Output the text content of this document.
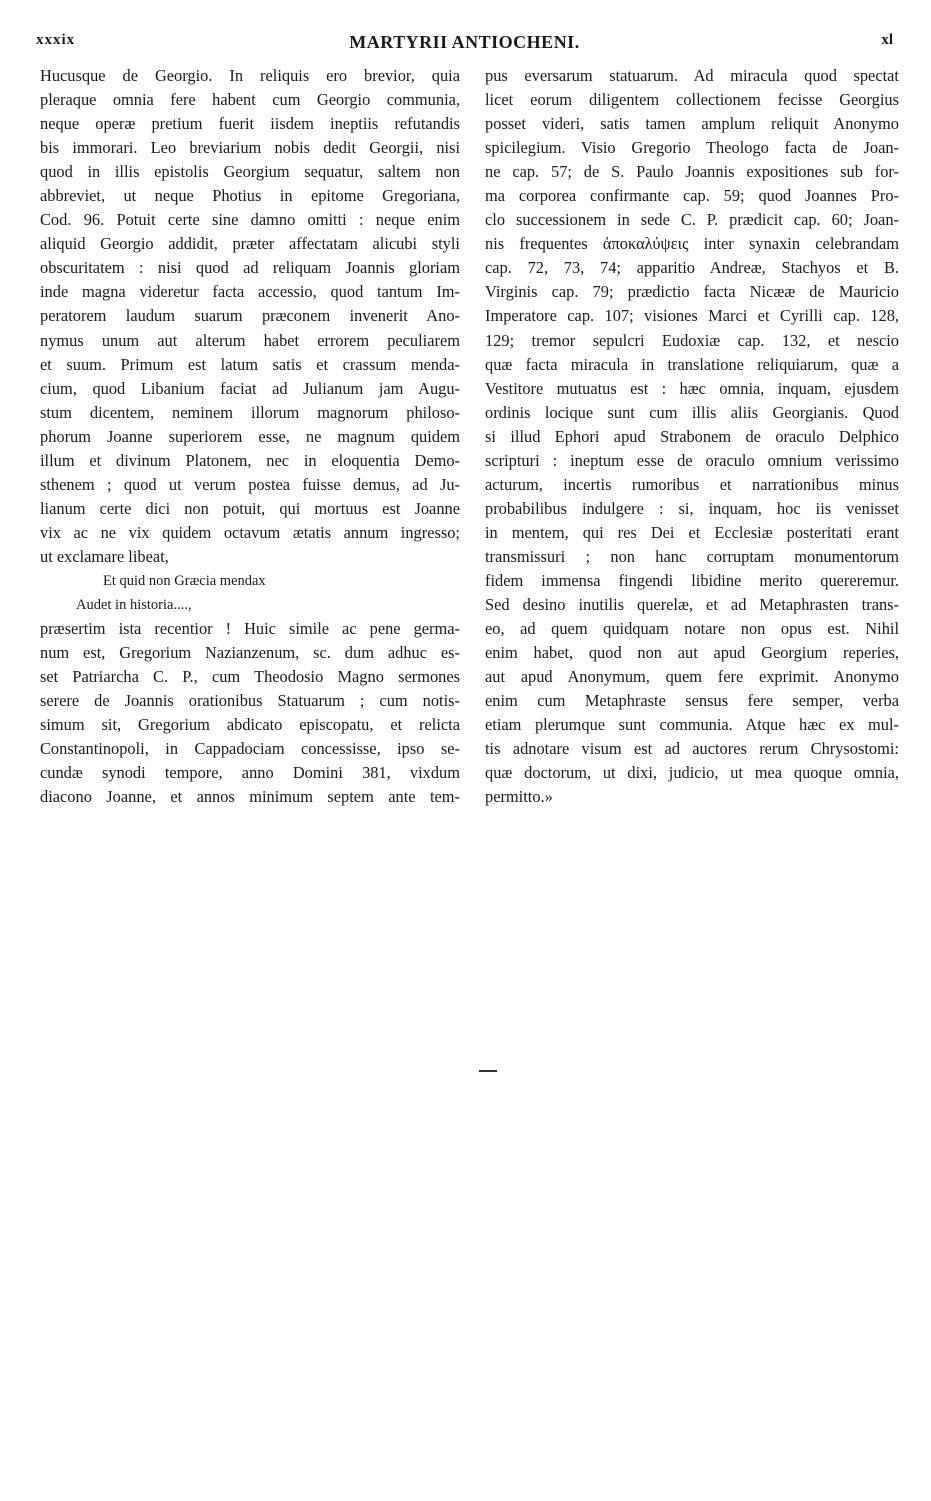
xxxix	MARTYRII ANTIOCHENI.	xl
Hucusque de Georgio. In reliquis ero brevior, quia
pleraque omnia fere habent cum Georgio communia,
neque operæ pretium fuerit iisdem ineptiis refutandis
bis immorari. Leo breviarium nobis dedit Georgii, nisi
quod in illis epistolis Georgium sequatur, saltem non
abbreviet, ut neque Photius in epitome Gregoriana,
Cod. 96. Potuit certe sine damno omitti : neque enim
aliquid Georgio addidit, præter affectatam alicubi styli
obscuritatem : nisi quod ad reliquam Joannis gloriam
inde magna videretur facta accessio, quod tantum Im-
peratorem laudum suarum præconem invenerit Ano-
nymus unum aut alterum habet errorem peculiarem
et suum. Primum est latum satis et crassum menda-
cium, quod Libanium faciat ad Julianum jam Augu-
stum dicentem, neminem illorum magnorum philoso-
phorum Joanne superiorem esse, ne magnum quidem
illum et divinum Platonem, nec in eloquentia Demo-
sthenem ; quod ut verum postea fuisse demus, ad Ju-
lianum certe dici non potuit, qui mortuus est Joanne
vix ac ne vix quidem octavum ætatis annum ingresso;
ut exclamare libeat,
Et quid non Græcia mendax
Audet in historia....,
præsertim ista recentior ! Huic simile ac pene germa-
num est, Gregorium Nazianzenum, sc. dum adhuc es-
set Patriarcha C. P., cum Theodosio Magno sermones
serere de Joannis orationibus Statuarum ; cum notis-
simum sit, Gregorium abdicato episcopatu, et relicta
Constantinopoli, in Cappadociam concessisse, ipso se-
cundæ synodi tempore, anno Domini 381, vixdum
diacono Joanne, et annos minimum septem ante tem-
pus eversarum statuarum. Ad miracula quod spectat
licet eorum diligentem collectionem fecisse Georgius
posset videri, satis tamen amplum reliquit Anonymo
spicilegium. Visio Gregorio Theologo facta de Joan-
ne cap. 57; de S. Paulo Joannis expositiones sub for-
ma corporea confirmante cap. 59; quod Joannes Pro-
clo successionem in sede C. P. prædicit cap. 60; Joan-
nis frequentes ἀποκαλύψεις inter synaxin celebrandam
cap. 72, 73, 74; apparitio Andreæ, Stachyos et B.
Virginis cap. 79; prædictio facta Nicææ de Mauricio
Imperatore cap. 107; visiones Marci et Cyrilli cap. 128,
129; tremor sepulcri Eudoxiæ cap. 132, et nescio
quæ facta miracula in translatione reliquiarum, quæ a
Vestitore mutuatus est : hæc omnia, inquam, ejusdem
ordinis locique sunt cum illis aliis Georgianis. Quod
si illud Ephori apud Strabonem de oraculo Delphico
scripturi : ineptum esse de oraculo omnium verissimo
acturum, incertis rumoribus et narrationibus minus
probabilibus indulgere : si, inquam, hoc iis venisset
in mentem, qui res Dei et Ecclesiæ posteritati erant
transmissuri ; non hanc corruptam monumentorum
fidem immensa fingendi libidine merito quereremur.
Sed desino inutilis querelæ, et ad Metaphrasten trans-
eo, ad quem quidquam notare non opus est. Nihil
enim habet, quod non aut apud Georgium reperies,
aut apud Anonymum, quem fere exprimit. Anonymo
enim cum Metaphraste sensus fere semper, verba
etiam plerumque sunt communia. Atque hæc ex mul-
tis adnotare visum est ad auctores rerum Chrysostomi:
quæ doctorum, ut dixi, judicio, ut mea quoque omnia,
permitto.»
